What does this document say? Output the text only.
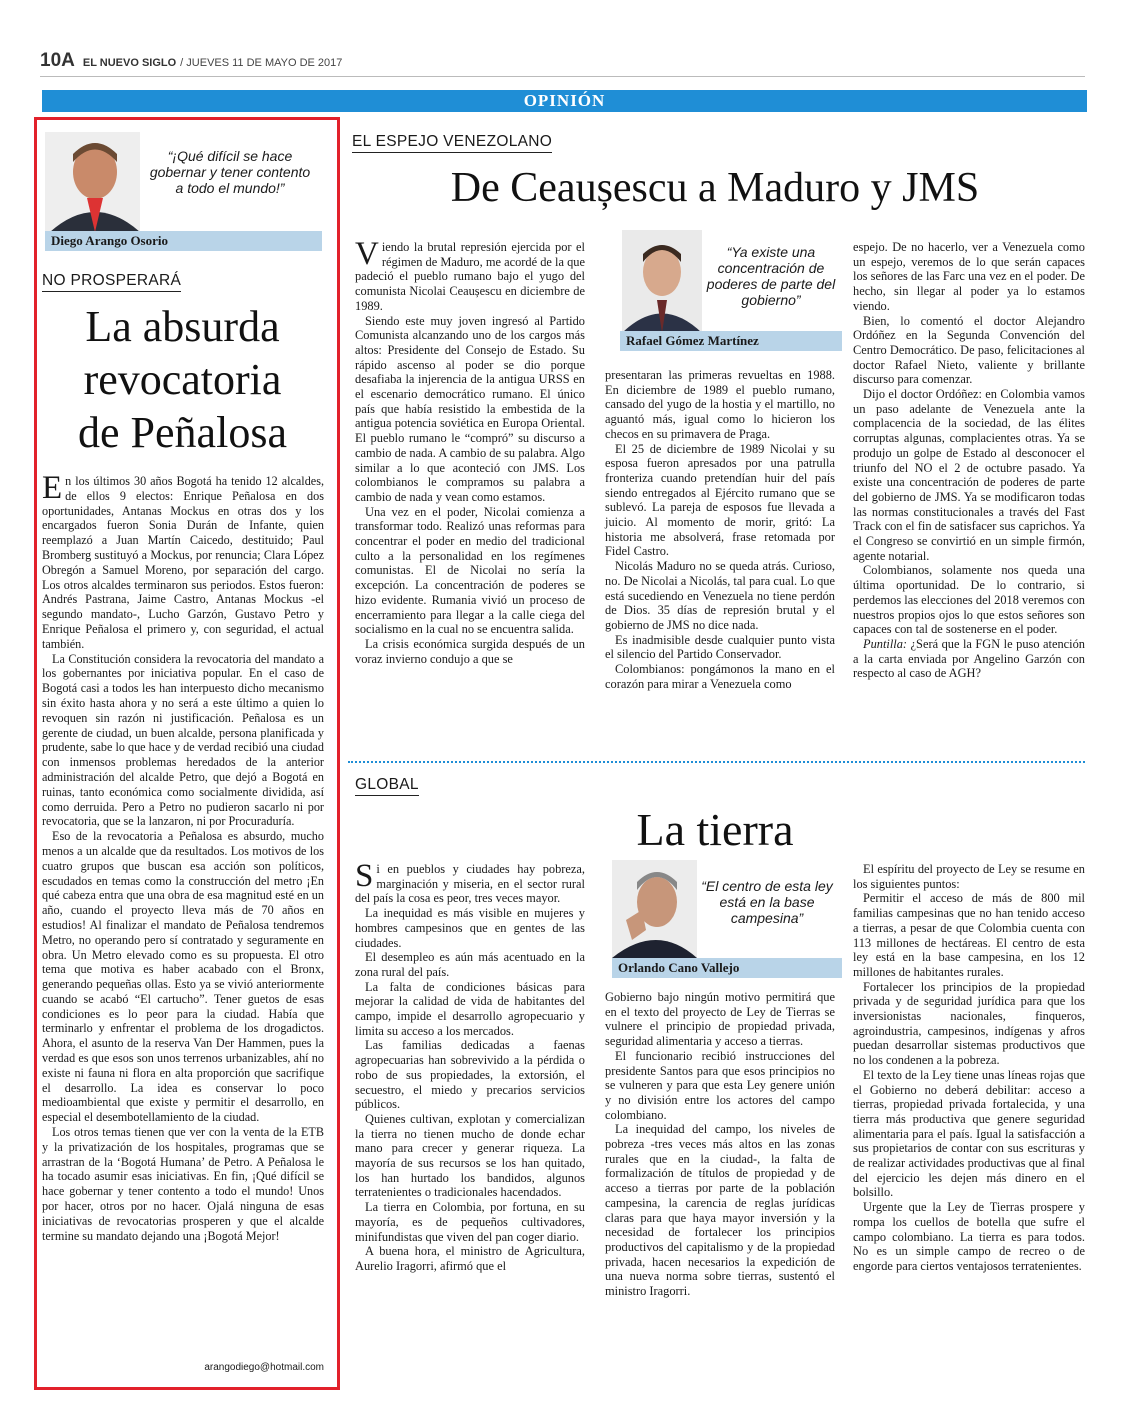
10A EL NUEVO SIGLO / JUEVES 11 DE MAYO DE 2017
OPINIÓN
“¡Qué difícil se hace gobernar y tener contento a todo el mundo!”
Diego Arango Osorio
NO PROSPERARÁ
La absurda
revocatoria
de Peñalosa

En los últimos 30 años Bogotá ha tenido 12 alcaldes, de ellos 9 electos: Enrique Peñalosa en dos oportunidades, Antanas Mockus en otras dos y los encargados fueron Sonia Durán de Infante, quien reemplazó a Juan Martín Caicedo, destituido; Paul Bromberg sustituyó a Mockus, por renuncia; Clara López Obregón a Samuel Moreno, por separación del cargo. Los otros alcaldes terminaron sus periodos. Estos fueron: Andrés Pastrana, Jaime Castro, Antanas Mockus -el segundo mandato-, Lucho Garzón, Gustavo Petro y Enrique Peñalosa el primero y, con seguridad, el actual también.

La Constitución considera la revocatoria del mandato a los gobernantes por iniciativa popular. En el caso de Bogotá casi a todos les han interpuesto dicho mecanismo sin éxito hasta ahora y no será a este último a quien lo revoquen sin razón ni justificación. Peñalosa es un gerente de ciudad, un buen alcalde, persona planificada y prudente, sabe lo que hace y de verdad recibió una ciudad con inmensos problemas heredados de la anterior administración del alcalde Petro, que dejó a Bogotá en ruinas, tanto económica como socialmente dividida, así como derruida. Pero a Petro no pudieron sacarlo ni por revocatoria, que se la lanzaron, ni por Procuraduría.

Eso de la revocatoria a Peñalosa es absurdo, mucho menos a un alcalde que da resultados. Los motivos de los cuatro grupos que buscan esa acción son políticos, escudados en temas como la construcción del metro ¡En qué cabeza entra que una obra de esa magnitud esté en un año, cuando el proyecto lleva más de 70 años en estudios! Al finalizar el mandato de Peñalosa tendremos Metro, no operando pero sí contratado y seguramente en obra. Un Metro elevado como es su propuesta. El otro tema que motiva es haber acabado con el Bronx, generando pequeñas ollas. Esto ya se vivió anteriormente cuando se acabó “El cartucho”. Tener guetos de esas condiciones es lo peor para la ciudad. Había que terminarlo y enfrentar el problema de los drogadictos. Ahora, el asunto de la reserva Van Der Hammen, pues la verdad es que esos son unos terrenos urbanizables, ahí no existe ni fauna ni flora en alta proporción que sacrifique el desarrollo. La idea es conservar lo poco medioambiental que existe y permitir el desarrollo, en especial el desembotellamiento de la ciudad.

Los otros temas tienen que ver con la venta de la ETB y la privatización de los hospitales, programas que se arrastran de la ‘Bogotá Humana’ de Petro. A Peñalosa le ha tocado asumir esas iniciativas. En fin, ¡Qué difícil se hace gobernar y tener contento a todo el mundo! Unos por hacer, otros por no hacer. Ojalá ninguna de esas iniciativas de revocatorias prosperen y que el alcalde termine su mandato dejando una ¡Bogotá Mejor!

arangodiego@hotmail.com
EL ESPEJO VENEZOLANO
De Ceaușescu a Maduro y JMS

Viendo la brutal represión ejercida por el régimen de Maduro, me acordé de la que padeció el pueblo rumano bajo el yugo del comunista Nicolai Ceaușescu en diciembre de 1989.

Siendo este muy joven ingresó al Partido Comunista alcanzando uno de los cargos más altos: Presidente del Consejo de Estado. Su rápido ascenso al poder se dio porque desafiaba la injerencia de la antigua URSS en el escenario democrático rumano. El único país que había resistido la embestida de la antigua potencia soviética en Europa Oriental. El pueblo rumano le “compró” su discurso a cambio de nada. A cambio de su palabra. Algo similar a lo que aconteció con JMS. Los colombianos le compramos su palabra a cambio de nada y vean como estamos.

Una vez en el poder, Nicolai comienza a transformar todo. Realizó unas reformas para concentrar el poder en medio del tradicional culto a la personalidad en los regímenes comunistas. El de Nicolai no sería la excepción. La concentración de poderes se hizo evidente. Rumania vivió un proceso de encerramiento para llegar a la calle ciega del socialismo en la cual no se encuentra salida.

La crisis económica surgida después de un voraz invierno condujo a que se

“Ya existe una concentración de poderes de parte del gobierno”
Rafael Gómez Martínez

presentaran las primeras revueltas en 1988. En diciembre de 1989 el pueblo rumano, cansado del yugo de la hostia y el martillo, no aguantó más, igual como lo hicieron los checos en su primavera de Praga.

El 25 de diciembre de 1989 Nicolai y su esposa fueron apresados por una patrulla fronteriza cuando pretendían huir del país siendo entregados al Ejército rumano que se sublevó. La pareja de esposos fue llevada a juicio. Al momento de morir, gritó: La historia me absolverá, frase retomada por Fidel Castro.

Nicolás Maduro no se queda atrás. Curioso, no. De Nicolai a Nicolás, tal para cual. Lo que está sucediendo en Venezuela no tiene perdón de Dios. 35 días de represión brutal y el gobierno de JMS no dice nada.

Es inadmisible desde cualquier punto vista el silencio del Partido Conservador.

Colombianos: pongámonos la mano en el corazón para mirar a Venezuela como

espejo. De no hacerlo, ver a Venezuela como un espejo, veremos de lo que serán capaces los señores de las Farc una vez en el poder. De hecho, sin llegar al poder ya lo estamos viendo.

Bien, lo comentó el doctor Alejandro Ordóñez en la Segunda Convención del Centro Democrático. De paso, felicitaciones al doctor Rafael Nieto, valiente y brillante discurso para comenzar.

Dijo el doctor Ordóñez: en Colombia vamos un paso adelante de Venezuela ante la complacencia de la sociedad, de las élites corruptas algunas, complacientes otras. Ya se produjo un golpe de Estado al desconocer el triunfo del NO el 2 de octubre pasado. Ya existe una concentración de poderes de parte del gobierno de JMS. Ya se modificaron todas las normas constitucionales a través del Fast Track con el fin de satisfacer sus caprichos. Ya el Congreso se convirtió en un simple firmón, agente notarial.

Colombianos, solamente nos queda una última oportunidad. De lo contrario, si perdemos las elecciones del 2018 veremos con nuestros propios ojos lo que estos señores son capaces con tal de sostenerse en el poder.

Puntilla: ¿Será que la FGN le puso atención a la carta enviada por Angelino Garzón con respecto al caso de AGH?

GLOBAL
La tierra

Si en pueblos y ciudades hay pobreza, marginación y miseria, en el sector rural del país la cosa es peor, tres veces mayor.

La inequidad es más visible en mujeres y hombres campesinos que en gentes de las ciudades.

El desempleo es aún más acentuado en la zona rural del país.

La falta de condiciones básicas para mejorar la calidad de vida de habitantes del campo, impide el desarrollo agropecuario y limita su acceso a los mercados.

Las familias dedicadas a faenas agropecuarias han sobrevivido a la pérdida o robo de sus propiedades, la extorsión, el secuestro, el miedo y precarios servicios públicos.

Quienes cultivan, explotan y comercializan la tierra no tienen mucho de donde echar mano para crecer y generar riqueza. La mayoría de sus recursos se los han quitado, los han hurtado los bandidos, algunos terratenientes o tradicionales hacendados.

La tierra en Colombia, por fortuna, en su mayoría, es de pequeños cultivadores, minifundistas que viven del pan coger diario.

A buena hora, el ministro de Agricultura, Aurelio Iragorri, afirmó que el

“El centro de esta ley está en la base campesina”
Orlando Cano Vallejo

Gobierno bajo ningún motivo permitirá que en el texto del proyecto de Ley de Tierras se vulnere el principio de propiedad privada, seguridad alimentaria y acceso a tierras.

El funcionario recibió instrucciones del presidente Santos para que esos principios no se vulneren y para que esta Ley genere unión y no división entre los actores del campo colombiano.

La inequidad del campo, los niveles de pobreza -tres veces más altos en las zonas rurales que en la ciudad-, la falta de formalización de títulos de propiedad y de acceso a tierras por parte de la población campesina, la carencia de reglas jurídicas claras para que haya mayor inversión y la necesidad de fortalecer los principios productivos del capitalismo y de la propiedad privada, hacen necesarios la expedición de una nueva norma sobre tierras, sustentó el ministro Iragorri.

El espíritu del proyecto de Ley se resume en los siguientes puntos:

Permitir el acceso de más de 800 mil familias campesinas que no han tenido acceso a tierras, a pesar de que Colombia cuenta con 113 millones de hectáreas. El centro de esta ley está en la base campesina, en los 12 millones de habitantes rurales.

Fortalecer los principios de la propiedad privada y de seguridad jurídica para que los inversionistas nacionales, finqueros, agroindustria, campesinos, indígenas y afros puedan desarrollar sistemas productivos que no los condenen a la pobreza.

El texto de la Ley tiene unas líneas rojas que el Gobierno no deberá debilitar: acceso a tierras, propiedad privada fortalecida, y una tierra más productiva que genere seguridad alimentaria para el país. Igual la satisfacción a sus propietarios de contar con sus escrituras y de realizar actividades productivas que al final del ejercicio les dejen más dinero en el bolsillo.

Urgente que la Ley de Tierras prospere y rompa los cuellos de botella que sufre el campo colombiano. La tierra es para todos. No es un simple campo de recreo o de engorde para ciertos ventajosos terratenientes.
